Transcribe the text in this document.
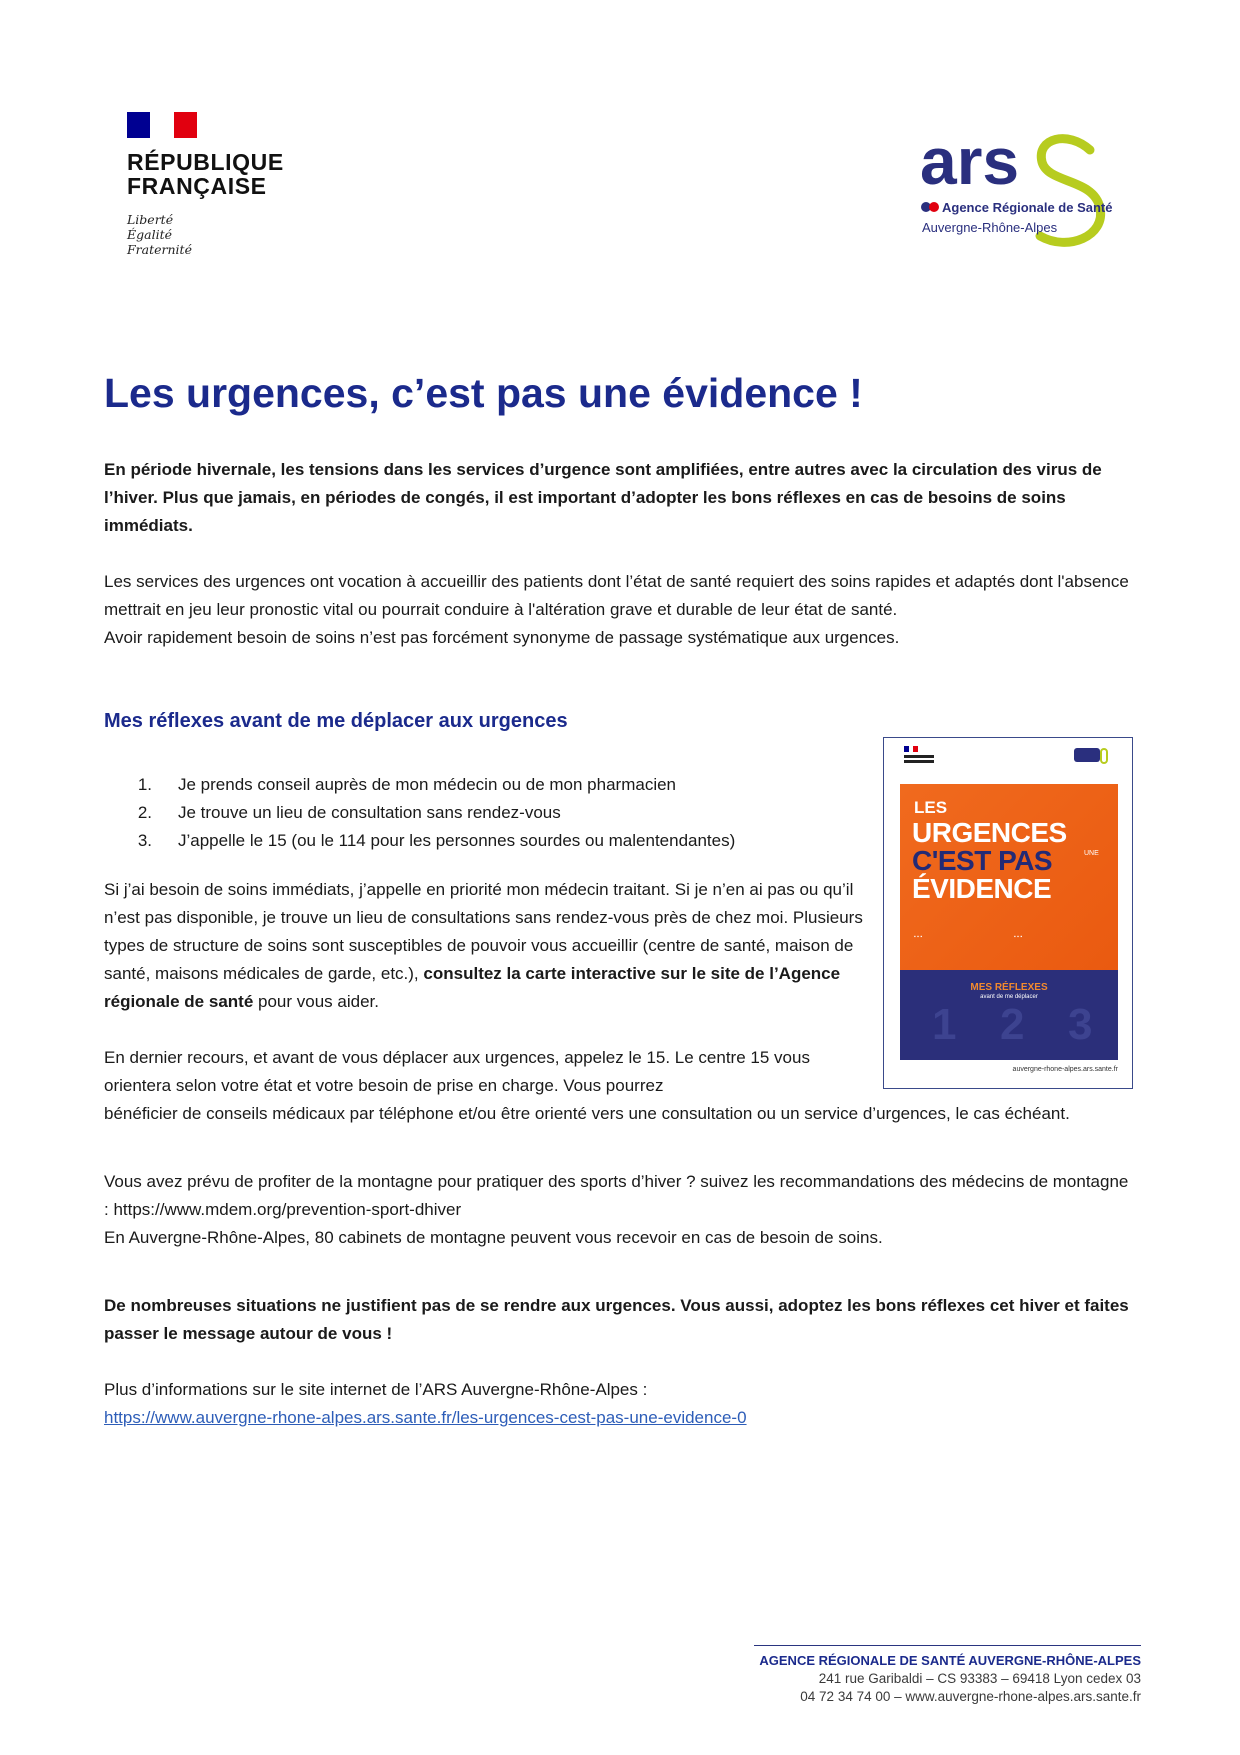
RÉPUBLIQUE
FRANÇAISE
Liberté
Égalité
Fraternité
ars
Agence Régionale de Santé
Auvergne-Rhône-Alpes
Les urgences, c’est pas une évidence !

En période hivernale, les tensions dans les services d’urgence sont amplifiées, entre autres avec la circulation des virus de l’hiver. Plus que jamais, en périodes de congés, il est important d’adopter les bons réflexes en cas de besoins de soins immédiats.

Les services des urgences ont vocation à accueillir des patients dont l’état de santé requiert des soins rapides et adaptés dont l'absence mettrait en jeu leur pronostic vital ou pourrait conduire à l'altération grave et durable de leur état de santé.

Avoir rapidement besoin de soins n’est pas forcément synonyme de passage systématique aux urgences.

Mes réflexes avant de me déplacer aux urgences
1.	Je prends conseil auprès de mon médecin ou de mon pharmacien
2.	Je trouve un lieu de consultation sans rendez-vous
3.	J’appelle le 15 (ou le 114 pour les personnes sourdes ou malentendantes)

Si j’ai besoin de soins immédiats, j’appelle en priorité mon médecin traitant. Si je n’en ai pas ou qu’il n’est pas disponible, je trouve un lieu de consultations sans rendez-vous près de chez moi. Plusieurs types de structure de soins sont susceptibles de pouvoir vous accueillir (centre de santé, maison de santé, maisons médicales de garde, etc.), consultez la carte interactive sur le site de l’Agence régionale de santé pour vous aider.

En dernier recours, et avant de vous déplacer aux urgences, appelez le 15. Le centre 15 vous orientera selon votre état et votre besoin de prise en charge. Vous pourrez

bénéficier de conseils médicaux par téléphone et/ou être orienté vers une consultation ou un service d’urgences, le cas échéant.

Vous avez prévu de profiter de la montagne pour pratiquer des sports d’hiver ? suivez les recommandations des médecins de montagne : https://www.mdem.org/prevention-sport-dhiver

En Auvergne-Rhône-Alpes, 80 cabinets de montagne peuvent vous recevoir en cas de besoin de soins.

De nombreuses situations ne justifient pas de se rendre aux urgences. Vous aussi, adoptez les bons réflexes cet hiver et faites passer le message autour de vous !

Plus d’informations sur le site internet de l’ARS Auvergne-Rhône-Alpes :

https://www.auvergne-rhone-alpes.ars.sante.fr/les-urgences-cest-pas-une-evidence-0
LES
URGENCES
C'EST PAS	UNE
ÉVIDENCE
▪ ▪ ▪	▪ ▪ ▪
MES RÉFLEXES
avant de me déplacer
1 2 3
auvergne-rhone-alpes.ars.sante.fr
AGENCE RÉGIONALE DE SANTÉ AUVERGNE-RHÔNE-ALPES
241 rue Garibaldi – CS 93383 – 69418 Lyon cedex 03
04 72 34 74 00 – www.auvergne-rhone-alpes.ars.sante.fr
